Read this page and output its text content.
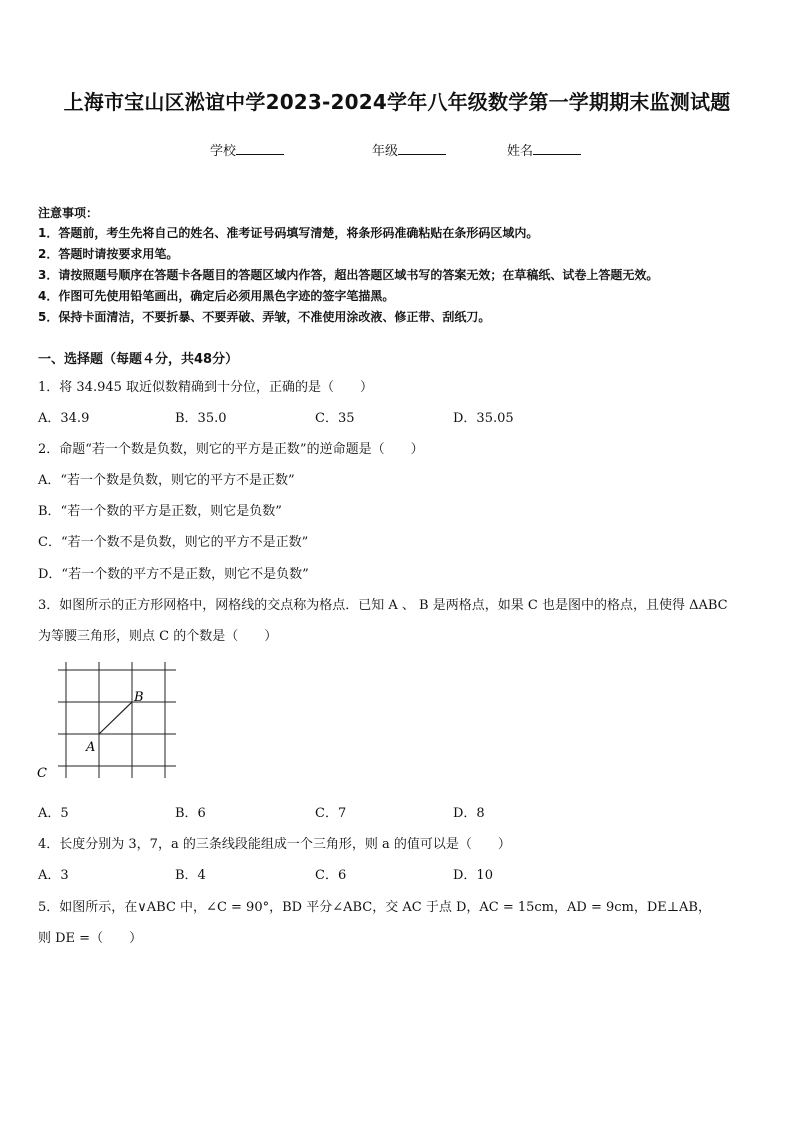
上海市宝山区淞谊中学2023-2024学年八年级数学第一学期期末监测试题
学校	年级	姓名
注意事项：
1．答题前，考生先将自己的姓名、准考证号码填写清楚，将条形码准确粘贴在条形码区域内。
2．答题时请按要求用笔。
3．请按照题号顺序在答题卡各题目的答题区域内作答，超出答题区域书写的答案无效；在草稿纸、试卷上答题无效。
4．作图可先使用铅笔画出，确定后必须用黑色字迹的签字笔描黑。
5．保持卡面清洁，不要折暴、不要弄破、弄皱，不准使用涂改液、修正带、刮纸刀。
一、选择题（每题４分，共48分）
1．将 34.945 取近似数精确到十分位，正确的是（　　）
A．34.9	B．35.0	C．35	D．35.05
2．命题“若一个数是负数，则它的平方是正数”的逆命题是（　　）
A．“若一个数是负数，则它的平方不是正数”
B．“若一个数的平方是正数，则它是负数”
C．“若一个数不是负数，则它的平方不是正数”
D．“若一个数的平方不是正数，则它不是负数”
3．如图所示的正方形网格中，网格线的交点称为格点．已知 A 、 B 是两格点，如果 C 也是图中的格点，且使得 ΔABC
为等腰三角形，则点 C 的个数是（　　）
A
B
C
A．5	B．6	C．7	D．8
4．长度分别为 3，7，a 的三条线段能组成一个三角形，则 a 的值可以是（　　）
A．3	B．4	C．6	D．10
5．如图所示，在∨ABC 中，∠C = 90°，BD 平分∠ABC，交 AC 于点 D，AC = 15cm，AD = 9cm，DE⊥AB，
则 DE =（　　）
